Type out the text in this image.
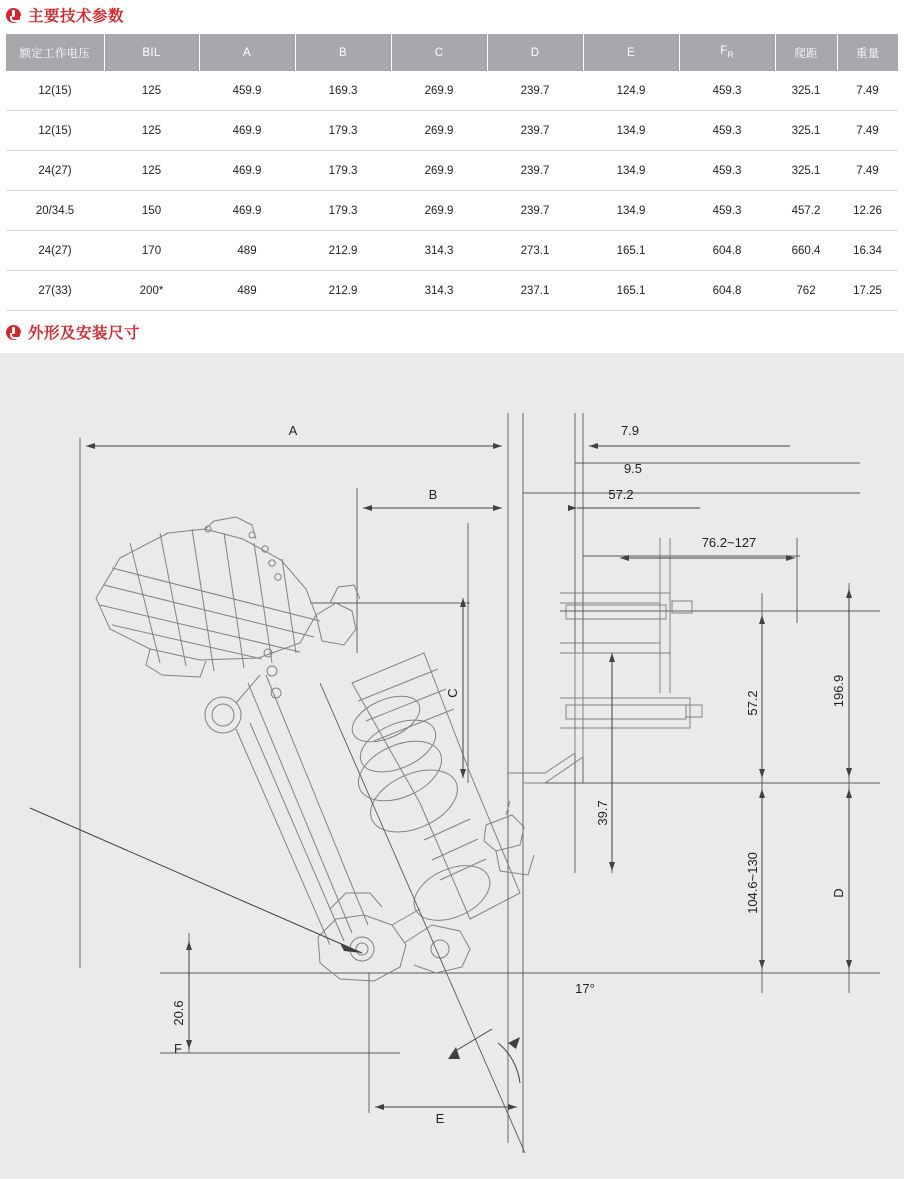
主要技术参数
额定工作电压	BIL	A	B	C	D	E	$F_R$	爬距	重量
12(15)	125	459.9	169.3	269.9	239.7	124.9	459.3	325.1	7.49
12(15)	125	469.9	179.3	269.9	239.7	134.9	459.3	325.1	7.49
24(27)	125	469.9	179.3	269.9	239.7	134.9	459.3	325.1	7.49
20/34.5	150	469.9	179.3	269.9	239.7	134.9	459.3	457.2	12.26
24(27)	170	489	212.9	314.3	273.1	165.1	604.8	660.4	16.34
27(33)	200*	489	212.9	314.3	237.1	165.1	604.8	762	17.25
外形及安装尺寸
A	7.9
9.5
B	57.2
76.2~127
17°
F
E
C	57.2	196.9
39.7
104.6~130	D
20.6
